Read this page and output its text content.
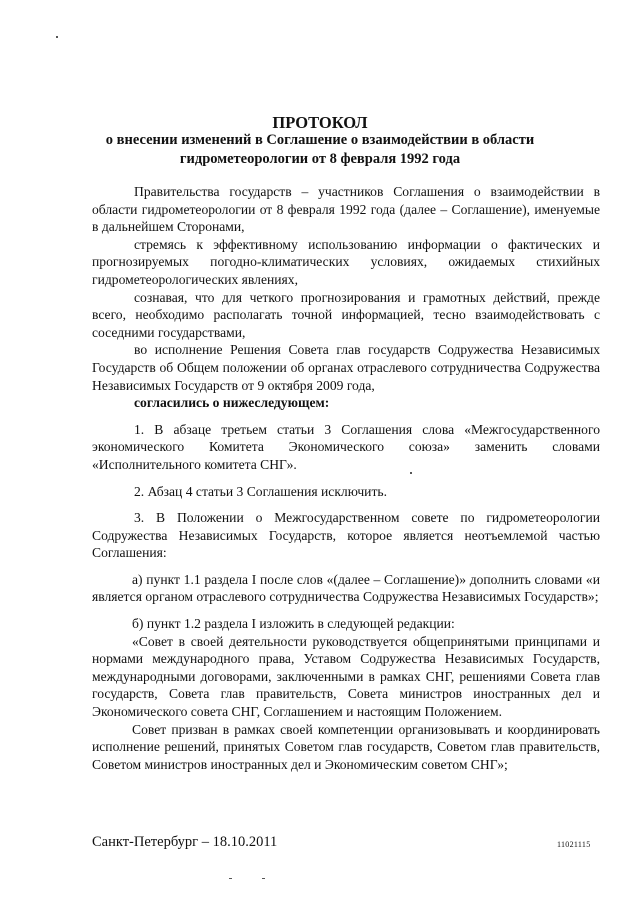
ПРОТОКОЛ
о внесении изменений в Соглашение о взаимодействии в области
гидрометеорологии от 8 февраля 1992 года

Правительства государств – участников Соглашения о взаимодействии в области гидрометеорологии от 8 февраля 1992 года (далее – Соглашение), именуемые в дальнейшем Сторонами,

стремясь к эффективному использованию информации о фактических и прогнозируемых погодно-климатических условиях, ожидаемых стихийных гидрометеорологических явлениях,

сознавая, что для четкого прогнозирования и грамотных действий, прежде всего, необходимо располагать точной информацией, тесно взаимодействовать с соседними государствами,

во исполнение Решения Совета глав государств Содружества Независимых Государств об Общем положении об органах отраслевого сотрудничества Содружества Независимых Государств от 9 октября 2009 года,

согласились о нижеследующем:

1. В абзаце третьем статьи 3 Соглашения слова «Межгосударственного экономического Комитета Экономического союза» заменить словами «Исполнительного комитета СНГ».

2. Абзац 4 статьи 3 Соглашения исключить.

3. В Положении о Межгосударственном совете по гидрометеорологии Содружества Независимых Государств, которое является неотъемлемой частью Соглашения:

а) пункт 1.1 раздела I после слов «(далее – Соглашение)» дополнить словами «и является органом отраслевого сотрудничества Содружества Независимых Государств»;

б) пункт 1.2 раздела I изложить в следующей редакции:

«Совет в своей деятельности руководствуется общепринятыми принципами и нормами международного права, Уставом Содружества Независимых Государств, международными договорами, заключенными в рамках СНГ, решениями Совета глав государств, Совета глав правительств, Совета министров иностранных дел и Экономического совета СНГ, Соглашением и настоящим Положением.

Совет призван в рамках своей компетенции организовывать и координировать исполнение решений, принятых Советом глав государств, Советом глав правительств, Советом министров иностранных дел и Экономическим советом СНГ»;

Санкт-Петербург – 18.10.2011	11021115
